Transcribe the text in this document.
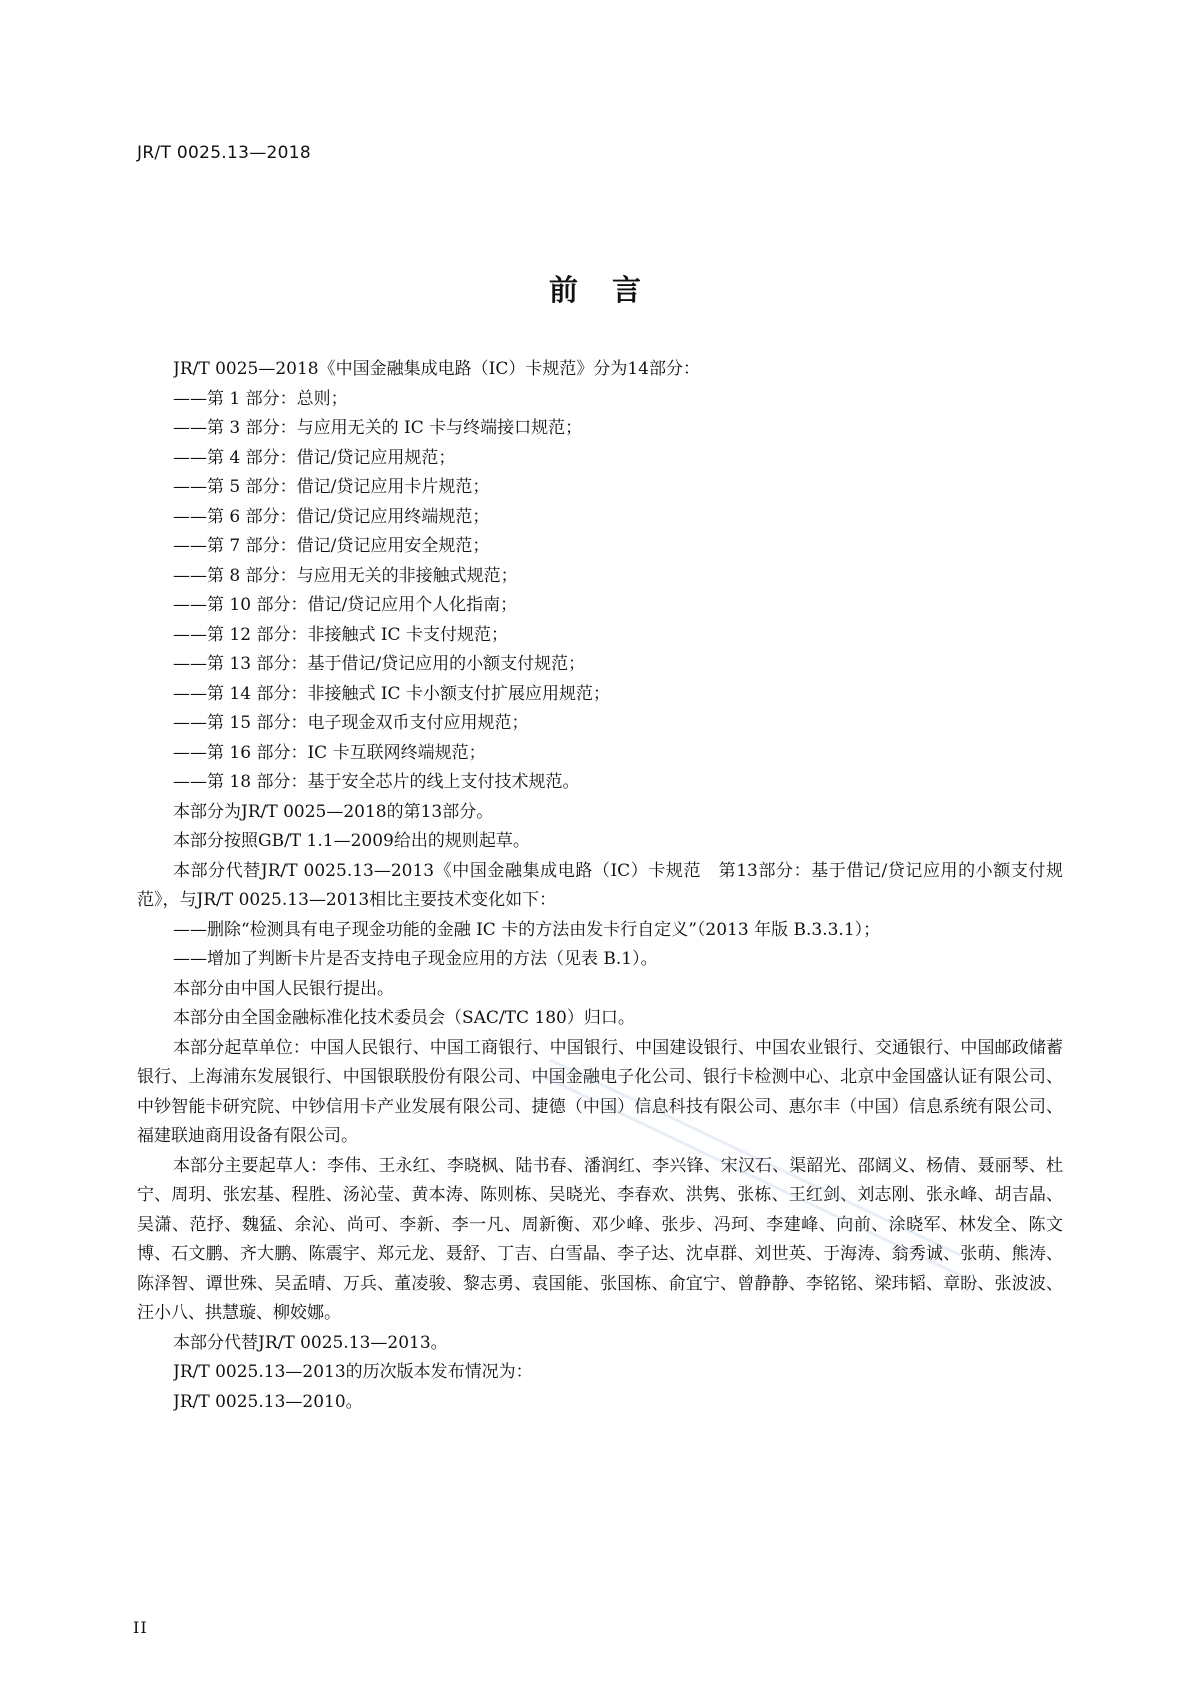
JR/T 0025.13—2018
前言

JR/T 0025—2018《中国金融集成电路（IC）卡规范》分为14部分：

——第 1 部分：总则；

——第 3 部分：与应用无关的 IC 卡与终端接口规范；

——第 4 部分：借记/贷记应用规范；

——第 5 部分：借记/贷记应用卡片规范；

——第 6 部分：借记/贷记应用终端规范；

——第 7 部分：借记/贷记应用安全规范；

——第 8 部分：与应用无关的非接触式规范；

——第 10 部分：借记/贷记应用个人化指南；

——第 12 部分：非接触式 IC 卡支付规范；

——第 13 部分：基于借记/贷记应用的小额支付规范；

——第 14 部分：非接触式 IC 卡小额支付扩展应用规范；

——第 15 部分：电子现金双币支付应用规范；

——第 16 部分：IC 卡互联网终端规范；

——第 18 部分：基于安全芯片的线上支付技术规范。

本部分为JR/T 0025—2018的第13部分。

本部分按照GB/T 1.1—2009给出的规则起草。

本部分代替JR/T 0025.13—2013《中国金融集成电路（IC）卡规范　第13部分：基于借记/贷记应用的小额支付规范》，与JR/T 0025.13—2013相比主要技术变化如下：

——删除“检测具有电子现金功能的金融 IC 卡的方法由发卡行自定义”（2013 年版 B.3.3.1）；

——增加了判断卡片是否支持电子现金应用的方法（见表 B.1）。

本部分由中国人民银行提出。

本部分由全国金融标准化技术委员会（SAC/TC 180）归口。

本部分起草单位：中国人民银行、中国工商银行、中国银行、中国建设银行、中国农业银行、交通银行、中国邮政储蓄银行、上海浦东发展银行、中国银联股份有限公司、中国金融电子化公司、银行卡检测中心、北京中金国盛认证有限公司、中钞智能卡研究院、中钞信用卡产业发展有限公司、捷德（中国）信息科技有限公司、惠尔丰（中国）信息系统有限公司、福建联迪商用设备有限公司。

本部分主要起草人：李伟、王永红、李晓枫、陆书春、潘润红、李兴锋、宋汉石、渠韶光、邵阔义、杨倩、聂丽琴、杜宁、周玥、张宏基、程胜、汤沁莹、黄本涛、陈则栋、吴晓光、李春欢、洪隽、张栋、王红剑、刘志刚、张永峰、胡吉晶、吴潇、范抒、魏猛、余沁、尚可、李新、李一凡、周新衡、邓少峰、张步、冯珂、李建峰、向前、涂晓军、林发全、陈文博、石文鹏、齐大鹏、陈震宇、郑元龙、聂舒、丁吉、白雪晶、李子达、沈卓群、刘世英、于海涛、翁秀诚、张萌、熊涛、陈泽智、谭世殊、吴孟晴、万兵、董凌骏、黎志勇、袁国能、张国栋、俞宜宁、曾静静、李铭铭、梁玮韬、章盼、张波波、汪小八、拱慧璇、柳姣娜。

本部分代替JR/T 0025.13—2013。

JR/T 0025.13—2013的历次版本发布情况为：

JR/T 0025.13—2010。

II
